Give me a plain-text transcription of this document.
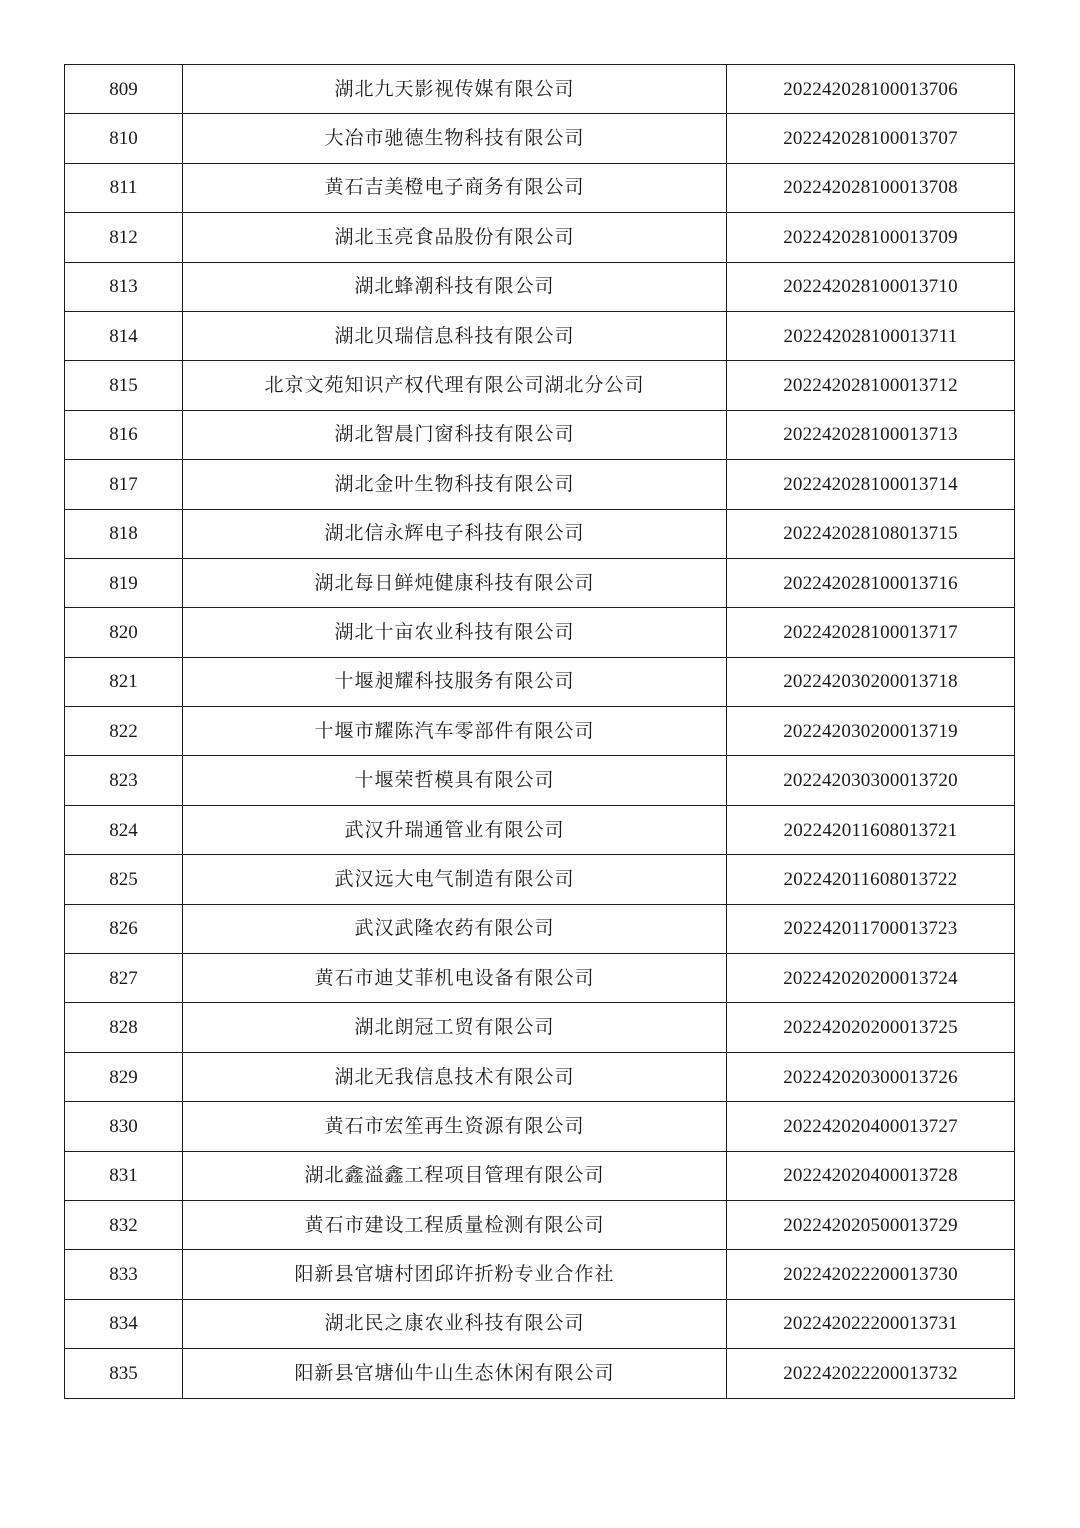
809	湖北九天影视传媒有限公司	202242028100013706
810	大冶市驰德生物科技有限公司	202242028100013707
811	黄石吉美橙电子商务有限公司	202242028100013708
812	湖北玉亮食品股份有限公司	202242028100013709
813	湖北蜂潮科技有限公司	202242028100013710
814	湖北贝瑞信息科技有限公司	202242028100013711
815	北京文苑知识产权代理有限公司湖北分公司	202242028100013712
816	湖北智晨门窗科技有限公司	202242028100013713
817	湖北金叶生物科技有限公司	202242028100013714
818	湖北信永辉电子科技有限公司	202242028108013715
819	湖北每日鲜炖健康科技有限公司	202242028100013716
820	湖北十亩农业科技有限公司	202242028100013717
821	十堰昶耀科技服务有限公司	202242030200013718
822	十堰市耀陈汽车零部件有限公司	202242030200013719
823	十堰荣哲模具有限公司	202242030300013720
824	武汉升瑞通管业有限公司	202242011608013721
825	武汉远大电气制造有限公司	202242011608013722
826	武汉武隆农药有限公司	202242011700013723
827	黄石市迪艾菲机电设备有限公司	202242020200013724
828	湖北朗冠工贸有限公司	202242020200013725
829	湖北无我信息技术有限公司	202242020300013726
830	黄石市宏笙再生资源有限公司	202242020400013727
831	湖北鑫溢鑫工程项目管理有限公司	202242020400013728
832	黄石市建设工程质量检测有限公司	202242020500013729
833	阳新县官塘村团邱许折粉专业合作社	202242022200013730
834	湖北民之康农业科技有限公司	202242022200013731
835	阳新县官塘仙牛山生态休闲有限公司	202242022200013732
